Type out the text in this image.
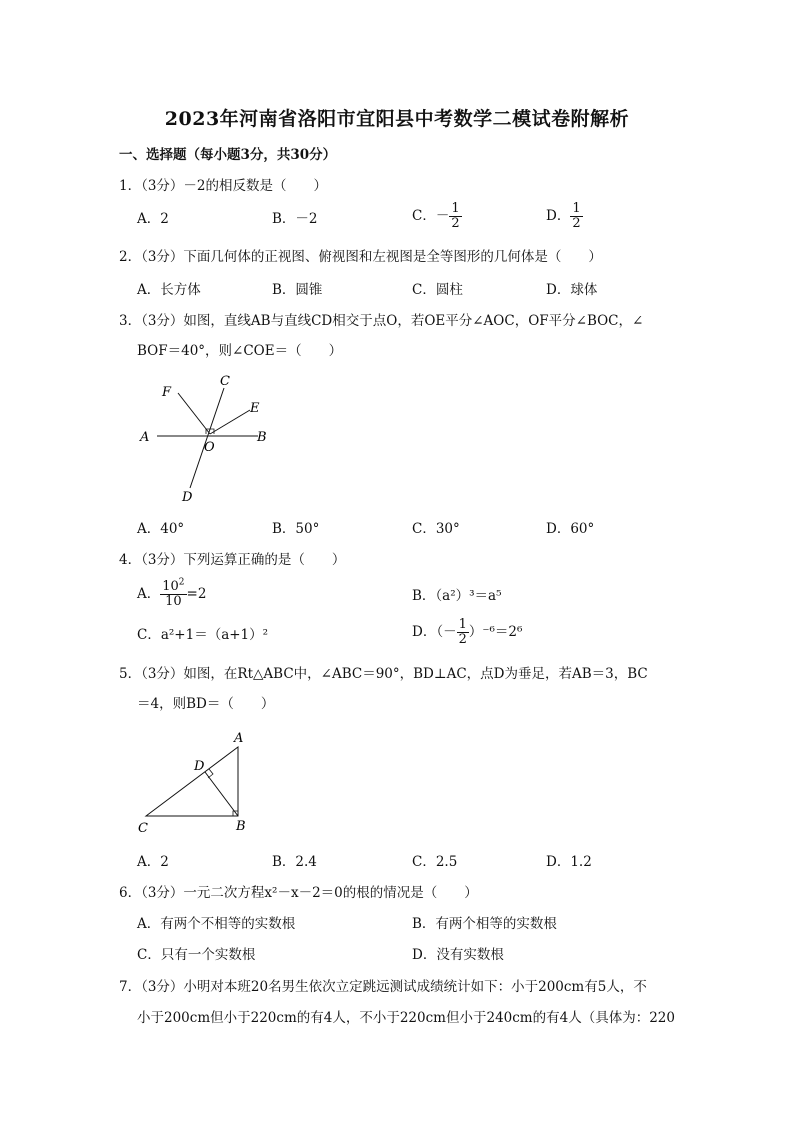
2023年河南省洛阳市宜阳县中考数学二模试卷附解析
一、选择题（每小题3分，共30分）
1．（3分）－2的相反数是（　　）
A．2	B．－2	C．－ $\frac{1}{2}$	D． $\frac{1}{2}$
2．（3分）下面几何体的正视图、俯视图和左视图是全等图形的几何体是（　　）
A．长方体	B．圆锥	C．圆柱	D．球体
3．（3分）如图，直线AB与直线CD相交于点O，若OE平分∠AOC，OF平分∠BOC，∠
BOF＝40°，则∠COE＝（　　）
A	B
C
D
E
F
O
A．40°	B．50°	C．30°	D．60°
4．（3分）下列运算正确的是（　　）
A． $\frac{10^2}{10} =2$	B．（a²）³＝a⁵
C．a²+1＝（a+1）²	D．（－ $\frac{1}{2} )^{-6}=2^6$
5．（3分）如图，在Rt△ABC中，∠ABC＝90°，BD⊥AC，点D为垂足，若AB＝3，BC
＝4，则BD＝（　　）
A
B
C
D
A．2	B．2.4	C．2.5	D．1.2
6．（3分）一元二次方程x²－x－2＝0的根的情况是（　　）
A．有两个不相等的实数根	B．有两个相等的实数根
C．只有一个实数根	D．没有实数根
7．（3分）小明对本班20名男生依次立定跳远测试成绩统计如下：小于200cm有5人，不
小于200cm但小于220cm的有4人，不小于220cm但小于240cm的有4人（具体为：220
